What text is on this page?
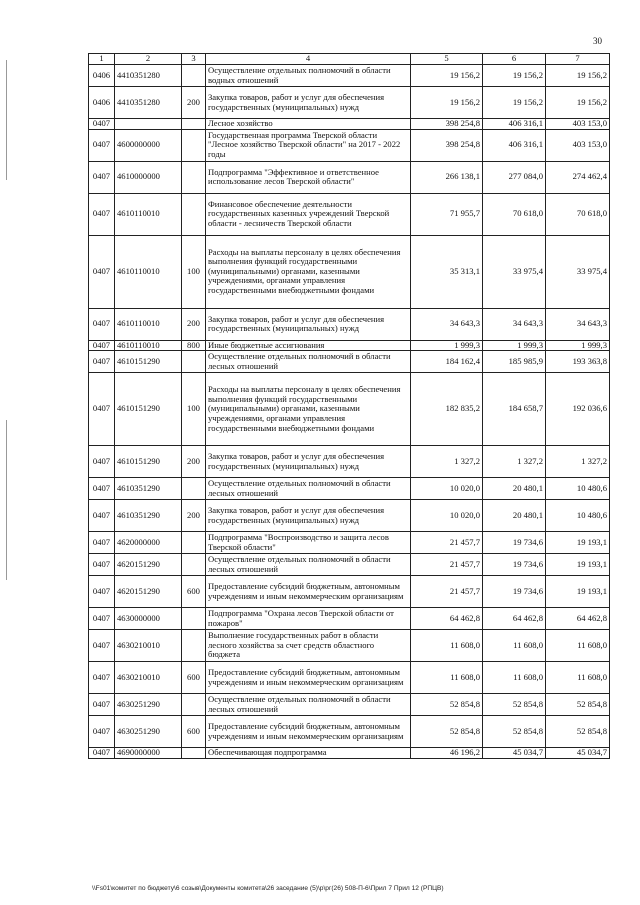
30
1	2	3	4	5	6	7
0406	4410351280		Осуществление отдельных полномочий в области водных отношений	19 156,2	19 156,2	19 156,2
0406	4410351280	200	Закупка товаров, работ и услуг для обеспечения государственных (муниципальных) нужд	19 156,2	19 156,2	19 156,2
0407			Лесное хозяйство	398 254,8	406 316,1	403 153,0
0407	4600000000		Государственная программа Тверской области "Лесное хозяйство Тверской области" на 2017 - 2022 годы	398 254,8	406 316,1	403 153,0
0407	4610000000		Подпрограмма "Эффективное и ответственное использование лесов Тверской области"	266 138,1	277 084,0	274 462,4
0407	4610110010		Финансовое обеспечение деятельности государственных казенных учреждений Тверской области - лесничеств Тверской области	71 955,7	70 618,0	70 618,0
0407	4610110010	100	Расходы на выплаты персоналу в целях обеспечения выполнения функций государственными (муниципальными) органами, казенными учреждениями, органами управления государственными внебюджетными фондами	35 313,1	33 975,4	33 975,4
0407	4610110010	200	Закупка товаров, работ и услуг для обеспечения государственных (муниципальных) нужд	34 643,3	34 643,3	34 643,3
0407	4610110010	800	Иные бюджетные ассигнования	1 999,3	1 999,3	1 999,3
0407	4610151290		Осуществление отдельных полномочий в области лесных отношений	184 162,4	185 985,9	193 363,8
0407	4610151290	100	Расходы на выплаты персоналу в целях обеспечения выполнения функций государственными (муниципальными) органами, казенными учреждениями, органами управления государственными внебюджетными фондами	182 835,2	184 658,7	192 036,6
0407	4610151290	200	Закупка товаров, работ и услуг для обеспечения государственных (муниципальных) нужд	1 327,2	1 327,2	1 327,2
0407	4610351290		Осуществление отдельных полномочий в области лесных отношений	10 020,0	20 480,1	10 480,6
0407	4610351290	200	Закупка товаров, работ и услуг для обеспечения государственных (муниципальных) нужд	10 020,0	20 480,1	10 480,6
0407	4620000000		Подпрограмма "Воспроизводство и защита лесов Тверской области"	21 457,7	19 734,6	19 193,1
0407	4620151290		Осуществление отдельных полномочий в области лесных отношений	21 457,7	19 734,6	19 193,1
0407	4620151290	600	Предоставление субсидий бюджетным, автономным учреждениям и иным некоммерческим организациям	21 457,7	19 734,6	19 193,1
0407	4630000000		Подпрограмма "Охрана лесов Тверской области от пожаров"	64 462,8	64 462,8	64 462,8
0407	4630210010		Выполнение государственных работ в области лесного хозяйства за счет средств областного бюджета	11 608,0	11 608,0	11 608,0
0407	4630210010	600	Предоставление субсидий бюджетным, автономным учреждениям и иным некоммерческим организациям	11 608,0	11 608,0	11 608,0
0407	4630251290		Осуществление отдельных полномочий в области лесных отношений	52 854,8	52 854,8	52 854,8
0407	4630251290	600	Предоставление субсидий бюджетным, автономным учреждениям и иным некоммерческим организациям	52 854,8	52 854,8	52 854,8
0407	4690000000		Обеспечивающая подпрограмма	46 196,2	45 034,7	45 034,7
\\Fs01\комитет по бюджету\6 созыв\Документы комитета\26 заседание (5)\р\рг(26) 508-П-6\Прил 7 Прил 12 (РПЦВ)
